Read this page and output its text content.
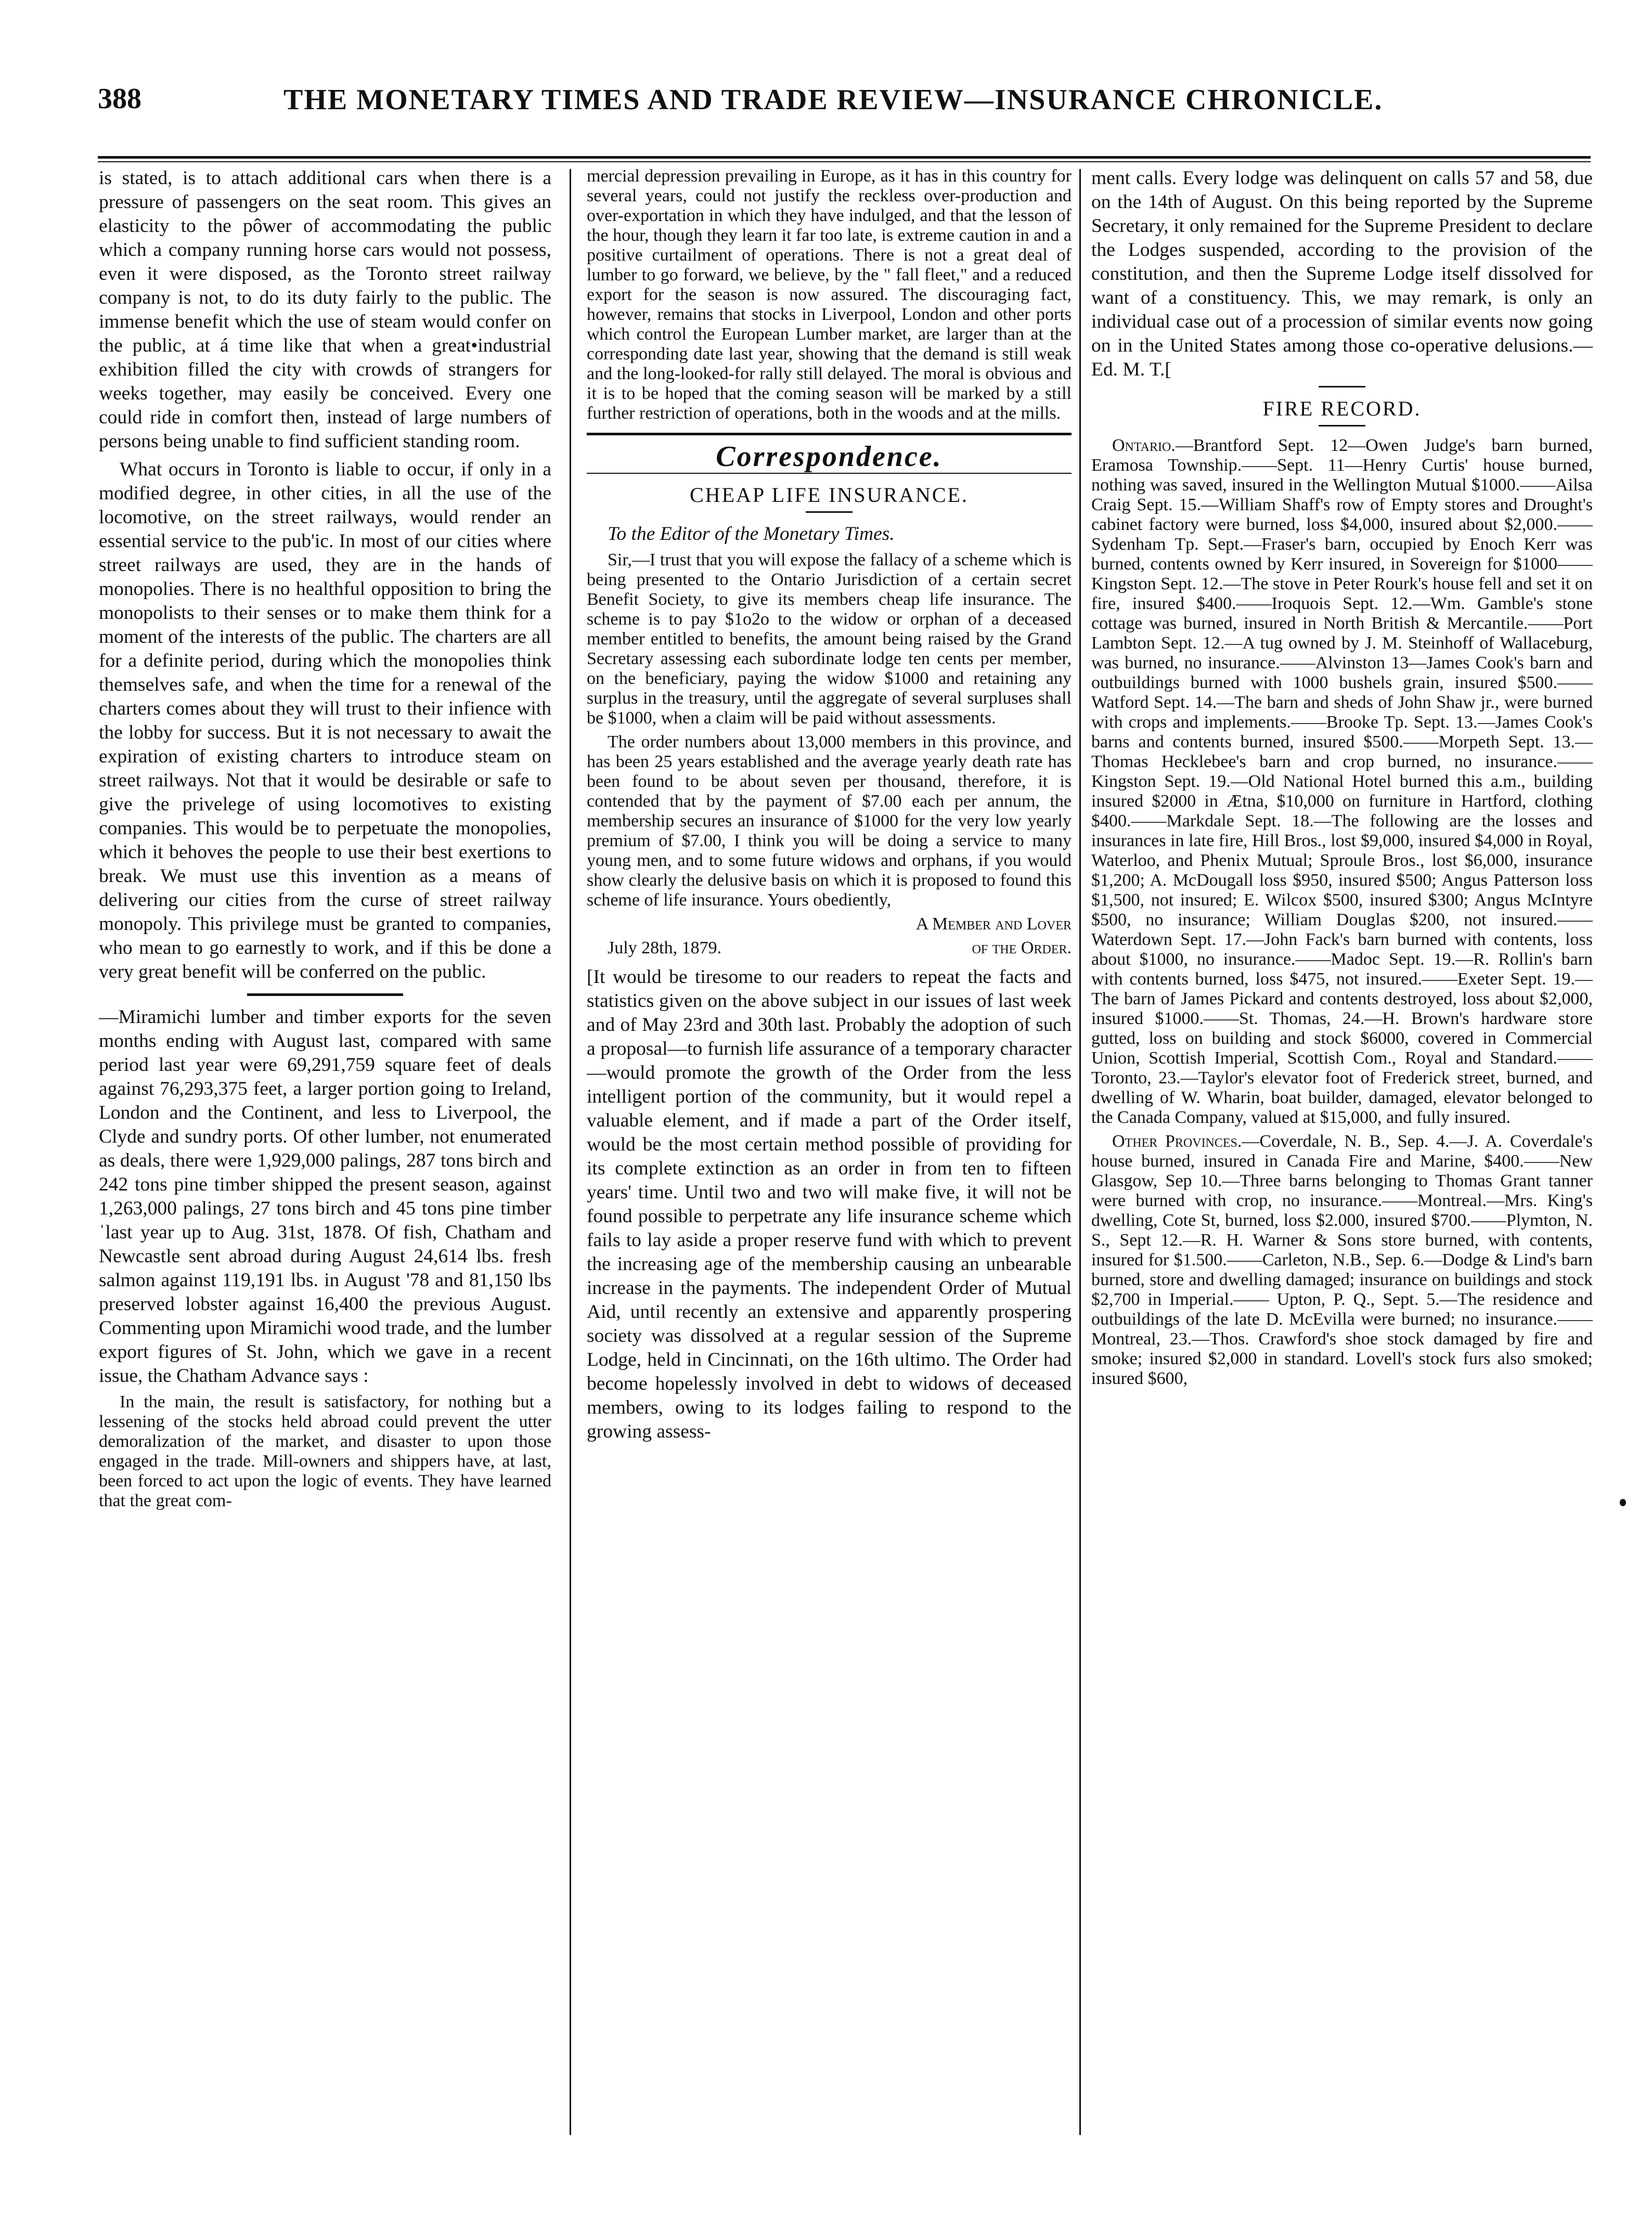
388	THE MONETARY TIMES AND TRADE REVIEW—INSURANCE CHRONICLE.

is stated, is to attach additional cars when there is a pressure of passengers on the seat room. This gives an elasticity to the pôwer of accommodating the public which a company running horse cars would not possess, even it were disposed, as the Toronto street railway company is not, to do its duty fairly to the public. The immense benefit which the use of steam would confer on the public, at á time like that when a great•industrial exhibition filled the city with crowds of strangers for weeks together, may easily be conceived. Every one could ride in comfort then, instead of large numbers of persons being unable to find sufficient standing room.

What occurs in Toronto is liable to occur, if only in a modified degree, in other cities, in all the use of the locomotive, on the street railways, would render an essential service to the pub'ic. In most of our cities where street railways are used, they are in the hands of monopolies. There is no healthful opposition to bring the monopolists to their senses or to make them think for a moment of the interests of the public. The charters are all for a definite period, during which the monopolies think themselves safe, and when the time for a renewal of the charters comes about they will trust to their infience with the lobby for success. But it is not necessary to await the expiration of existing charters to introduce steam on street railways. Not that it would be desirable or safe to give the privelege of using locomotives to existing companies. This would be to perpetuate the monopolies, which it behoves the people to use their best exertions to break. We must use this invention as a means of delivering our cities from the curse of street railway monopoly. This privilege must be granted to companies, who mean to go earnestly to work, and if this be done a very great benefit will be conferred on the public.

—Miramichi lumber and timber exports for the seven months ending with August last, compared with same period last year were 69,291,759 square feet of deals against 76,293,375 feet, a larger portion going to Ireland, London and the Continent, and less to Liverpool, the Clyde and sundry ports. Of other lumber, not enumerated as deals, there were 1,929,000 palings, 287 tons birch and 242 tons pine timber shipped the present season, against 1,263,000 palings, 27 tons birch and 45 tons pine timber ˈlast year up to Aug. 31st, 1878. Of fish, Chatham and Newcastle sent abroad during August 24,614 lbs. fresh salmon against 119,191 lbs. in August '78 and 81,150 lbs preserved lobster against 16,400 the previous August. Commenting upon Miramichi wood trade, and the lumber export figures of St. John, which we gave in a recent issue, the Chatham Advance says :

In the main, the result is satisfactory, for nothing but a lessening of the stocks held abroad could prevent the utter demoralization of the market, and disaster to upon those engaged in the trade. Mill-owners and shippers have, at last, been forced to act upon the logic of events. They have learned that the great com-

mercial depression prevailing in Europe, as it has in this country for several years, could not justify the reckless over-production and over-exportation in which they have indulged, and that the lesson of the hour, though they learn it far too late, is extreme caution in and a positive curtailment of operations. There is not a great deal of lumber to go forward, we believe, by the " fall fleet," and a reduced export for the season is now assured. The discouraging fact, however, remains that stocks in Liverpool, London and other ports which control the European Lumber market, are larger than at the corresponding date last year, showing that the demand is still weak and the long-looked-for rally still delayed. The moral is obvious and it is to be hoped that the coming season will be marked by a still further restriction of operations, both in the woods and at the mills.

Correspondence.
CHEAP LIFE INSURANCE.

To the Editor of the Monetary Times.

Sir,—I trust that you will expose the fallacy of a scheme which is being presented to the Ontario Jurisdiction of a certain secret Benefit Society, to give its members cheap life insurance. The scheme is to pay $1o2o to the widow or orphan of a deceased member entitled to benefits, the amount being raised by the Grand Secretary assessing each subordinate lodge ten cents per member, on the beneficiary, paying the widow $1000 and retaining any surplus in the treasury, until the aggregate of several surpluses shall be $1000, when a claim will be paid without assessments.

The order numbers about 13,000 members in this province, and has been 25 years established and the average yearly death rate has been found to be about seven per thousand, therefore, it is contended that by the payment of $7.00 each per annum, the membership secures an insurance of $1000 for the very low yearly premium of $7.00, I think you will be doing a service to many young men, and to some future widows and orphans, if you would show clearly the delusive basis on which it is proposed to found this scheme of life insurance. Yours obediently,

A Member and Lover

July 28th, 1879.	of the Order.

[It would be tiresome to our readers to repeat the facts and statistics given on the above subject in our issues of last week and of May 23rd and 30th last. Probably the adoption of such a proposal—to furnish life assurance of a temporary character—would promote the growth of the Order from the less intelligent portion of the community, but it would repel a valuable element, and if made a part of the Order itself, would be the most certain method possible of providing for its complete extinction as an order in from ten to fifteen years' time. Until two and two will make five, it will not be found possible to perpetrate any life insurance scheme which fails to lay aside a proper reserve fund with which to prevent the increasing age of the membership causing an unbearable increase in the payments. The independent Order of Mutual Aid, until recently an extensive and apparently prospering society was dissolved at a regular session of the Supreme Lodge, held in Cincinnati, on the 16th ultimo. The Order had become hopelessly involved in debt to widows of deceased members, owing to its lodges failing to respond to the growing assess-

ment calls. Every lodge was delinquent on calls 57 and 58, due on the 14th of August. On this being reported by the Supreme Secretary, it only remained for the Supreme President to declare the Lodges suspended, according to the provision of the constitution, and then the Supreme Lodge itself dissolved for want of a constituency. This, we may remark, is only an individual case out of a procession of similar events now going on in the United States among those co-operative delusions.—Ed. M. T.[

FIRE RECORD.

Ontario.—Brantford Sept. 12—Owen Judge's barn burned, Eramosa Township.——Sept. 11—Henry Curtis' house burned, nothing was saved, insured in the Wellington Mutual $1000.——Ailsa Craig Sept. 15.—William Shaff's row of Empty stores and Drought's cabinet factory were burned, loss $4,000, insured about $2,000.——Sydenham Tp. Sept.—Fraser's barn, occupied by Enoch Kerr was burned, contents owned by Kerr insured, in Sovereign for $1000——Kingston Sept. 12.—The stove in Peter Rourk's house fell and set it on fire, insured $400.——Iroquois Sept. 12.—Wm. Gamble's stone cottage was burned, insured in North British & Mercantile.——Port Lambton Sept. 12.—A tug owned by J. M. Steinhoff of Wallaceburg, was burned, no insurance.——Alvinston 13—James Cook's barn and outbuildings burned with 1000 bushels grain, insured $500.——Watford Sept. 14.—The barn and sheds of John Shaw jr., were burned with crops and implements.——Brooke Tp. Sept. 13.—James Cook's barns and contents burned, insured $500.——Morpeth Sept. 13.—Thomas Hecklebee's barn and crop burned, no insurance.——Kingston Sept. 19.—Old National Hotel burned this a.m., building insured $2000 in Ætna, $10,000 on furniture in Hartford, clothing $400.——Markdale Sept. 18.—The following are the losses and insurances in late fire, Hill Bros., lost $9,000, insured $4,000 in Royal, Waterloo, and Phenix Mutual; Sproule Bros., lost $6,000, insurance $1,200; A. McDougall loss $950, insured $500; Angus Patterson loss $1,500, not insured; E. Wilcox $500, insured $300; Angus McIntyre $500, no insurance; William Douglas $200, not insured.——Waterdown Sept. 17.—John Fack's barn burned with contents, loss about $1000, no insurance.——Madoc Sept. 19.—R. Rollin's barn with contents burned, loss $475, not insured.——Exeter Sept. 19.—The barn of James Pickard and contents destroyed, loss about $2,000, insured $1000.——St. Thomas, 24.—H. Brown's hardware store gutted, loss on building and stock $6000, covered in Commercial Union, Scottish Imperial, Scottish Com., Royal and Standard.——Toronto, 23.—Taylor's elevator foot of Frederick street, burned, and dwelling of W. Wharin, boat builder, damaged, elevator belonged to the Canada Company, valued at $15,000, and fully insured.

Other Provinces.—Coverdale, N. B., Sep. 4.—J. A. Coverdale's house burned, insured in Canada Fire and Marine, $400.——New Glasgow, Sep 10.—Three barns belonging to Thomas Grant tanner were burned with crop, no insurance.——Montreal.—Mrs. King's dwelling, Cote St, burned, loss $2.000, insured $700.——Plymton, N. S., Sept 12.—R. H. Warner & Sons store burned, with contents, insured for $1.500.——Carleton, N.B., Sep. 6.—Dodge & Lind's barn burned, store and dwelling damaged; insurance on buildings and stock $2,700 in Imperial.—— Upton, P. Q., Sept. 5.—The residence and outbuildings of the late D. McEvilla were burned; no insurance.——Montreal, 23.—Thos. Crawford's shoe stock damaged by fire and smoke; insured $2,000 in standard. Lovell's stock furs also smoked; insured $600,
